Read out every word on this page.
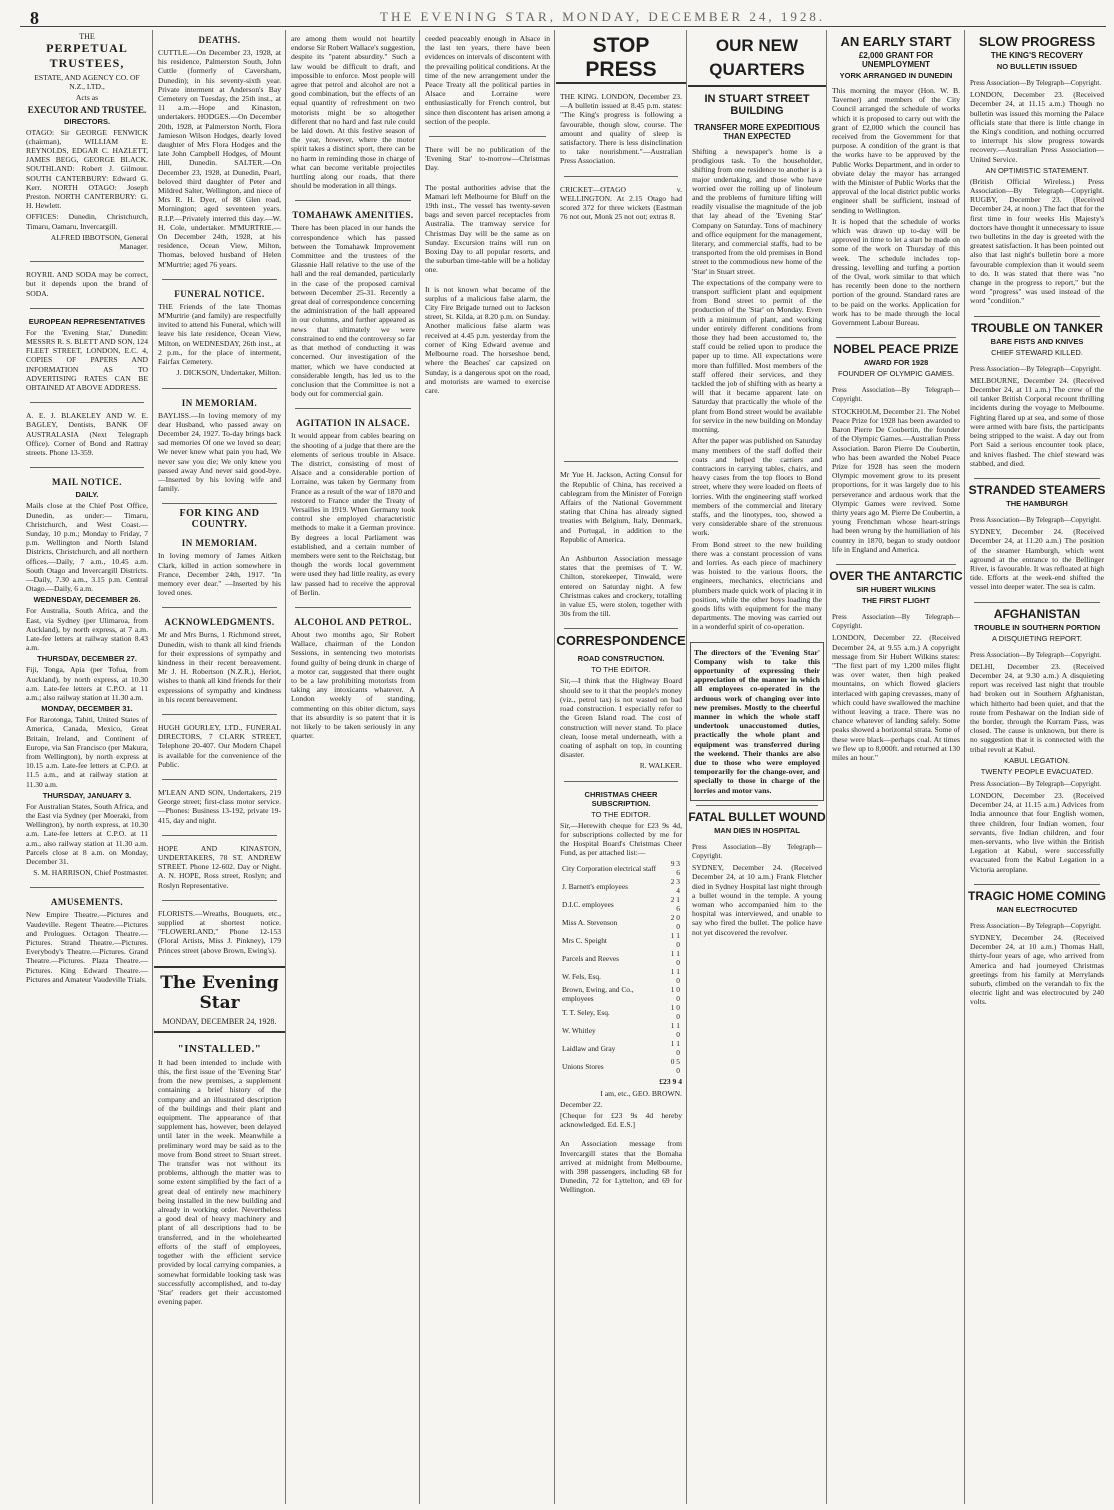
8	THE EVENING STAR, MONDAY, DECEMBER 24, 1928.
THE
PERPETUAL TRUSTEES,

ESTATE, AND AGENCY CO. OF N.Z., LTD.,

Acts as

EXECUTOR AND TRUSTEE.
DIRECTORS.

OTAGO: Sir GEORGE FENWICK (chairman), WILLIAM E. REYNOLDS, EDGAR C. HAZLETT, JAMES BEGG, GEORGE BLACK. SOUTHLAND: Robert J. Gilmour. SOUTH CANTERBURY: Edward G. Kerr. NORTH OTAGO: Joseph Preston. NORTH CANTERBURY: G. H. Hewlett.

OFFICES: Dunedin, Christchurch, Timaru, Oamaru, Invercargill.

ALFRED IBBOTSON, General Manager.

ROYRIL AND SODA may be correct, but it depends upon the brand of SODA.

EUROPEAN REPRESENTATIVES

For the 'Evening Star,' Dunedin: MESSRS R. S. BLETT AND SON, 124 FLEET STREET, LONDON, E.C. 4, COPIES OF PAPERS AND INFORMATION AS TO ADVERTISING RATES CAN BE OBTAINED AT ABOVE ADDRESS.

A. E. J. BLAKELEY AND W. E. BAGLEY, Dentists, BANK OF AUSTRALASIA (Next Telegraph Office). Corner of Bond and Rattray streets. Phone 13-359.

MAIL NOTICE.
DAILY.

Mails close at the Chief Post Office, Dunedin, as under:— Timaru, Christchurch, and West Coast.—Sunday, 10 p.m.; Monday to Friday, 7 p.m. Wellington and North Island Districts, Christchurch, and all northern offices.—Daily, 7 a.m., 10.45 a.m. South Otago and Invercargill Districts.—Daily, 7.30 a.m., 3.15 p.m. Central Otago.—Daily, 6 a.m.

WEDNESDAY, DECEMBER 26.

For Australia, South Africa, and the East, via Sydney (per Ulimaroa, from Auckland), by north express, at 7 a.m. Late-fee letters at railway station 8.43 a.m.

THURSDAY, DECEMBER 27.

Fiji, Tonga, Apia (per Tofua, from Auckland), by north express, at 10.30 a.m. Late-fee letters at C.P.O. at 11 a.m.; also railway station at 11.30 a.m.

MONDAY, DECEMBER 31.

For Rarotonga, Tahiti, United States of America, Canada, Mexico, Great Britain, Ireland, and Continent of Europe, via San Francisco (per Makura, from Wellington), by north express at 10.15 a.m. Late-fee letters at C.P.O. at 11.5 a.m., and at railway station at 11.30 a.m.

THURSDAY, JANUARY 3.

For Australian States, South Africa, and the East via Sydney (per Moeraki, from Wellington), by north express, at 10.30 a.m. Late-fee letters at C.P.O. at 11 a.m., also railway station at 11.30 a.m. Parcels close at 8 a.m. on Monday, December 31.

S. M. HARRISON, Chief Postmaster.

AMUSEMENTS.

New Empire Theatre.—Pictures and Vaudeville. Regent Theatre.—Pictures and Prologues. Octagon Theatre.—Pictures. Strand Theatre.—Pictures. Everybody's Theatre.—Pictures. Grand Theatre.—Pictures. Plaza Theatre.—Pictures. King Edward Theatre.—Pictures and Amateur Vaudeville Trials.

DEATHS.

CUTTLE.—On December 23, 1928, at his residence, Palmerston South, John Cuttle (formerly of Caversham, Dunedin); in his seventy-sixth year. Private interment at Anderson's Bay Cemetery on Tuesday, the 25th inst., at 11 a.m.—Hope and Kinaston, undertakers. HODGES.—On December 20th, 1928, at Palmerston North, Flora Jamieson Wilson Hodges, dearly loved daughter of Mrs Flora Hodges and the late John Campbell Hodges, of Mount Hill, Dunedin. SALTER.—On December 23, 1928, at Dunedin, Pearl, beloved third daughter of Peter and Mildred Salter, Wellington, and niece of Mrs R. H. Dyer, of 88 Glen road, Mornington; aged seventeen years. R.I.P.—Privately interred this day.—W. H. Cole, undertaker. M'MURTRIE.—On December 24th, 1928, at his residence, Ocean View, Milton, Thomas, beloved husband of Helen M'Murtrie; aged 76 years.

FUNERAL NOTICE.

THE Friends of the late Thomas M'Murtrie (and family) are respectfully invited to attend his Funeral, which will leave his late residence, Ocean View, Milton, on WEDNESDAY, 26th inst., at 2 p.m., for the place of interment, Fairfax Cemetery.

J. DICKSON, Undertaker, Milton.

IN MEMORIAM.

BAYLISS.—In loving memory of my dear Husband, who passed away on December 24, 1927. To-day brings back sad memories Of one we loved so dear; We never knew what pain you had, We never saw you die; We only knew you passed away And never said good-bye. —Inserted by his loving wife and family.

FOR KING AND COUNTRY.
IN MEMORIAM.

In loving memory of James Aitken Clark, killed in action somewhere in France, December 24th, 1917. "In memory ever dear." —Inserted by his loved ones.

ACKNOWLEDGMENTS.

Mr and Mrs Burns, 1 Richmond street, Dunedin, wish to thank all kind friends for their expressions of sympathy and kindness in their recent bereavement. Mr J. H. Robertson (N.Z.R.), Heriot, wishes to thank all kind friends for their expressions of sympathy and kindness in his recent bereavement.

HUGH GOURLEY, LTD., FUNERAL DIRECTORS, 7 CLARK STREET, Telephone 20-407. Our Modern Chapel is available for the convenience of the Public.

M'LEAN AND SON, Undertakers, 219 George street; first-class motor service.—Phones: Business 13-192, private 19-415, day and night.

HOPE AND KINASTON, UNDERTAKERS, 78 ST. ANDREW STREET. Phone 12-602. Day or Night. A. N. HOPE, Ross street, Roslyn; and Roslyn Representative.

FLORISTS.—Wreaths, Bouquets, etc., supplied at shortest notice. "FLOWERLAND," Phone 12-153 (Floral Artists, Miss J. Pinkney), 179 Princes street (above Brown, Ewing's).

The Evening Star
MONDAY, DECEMBER 24, 1928.
"INSTALLED."

It had been intended to include with this, the first issue of the 'Evening Star' from the new premises, a supplement containing a brief history of the company and an illustrated description of the buildings and their plant and equipment. The appearance of that supplement has, however, been delayed until later in the week. Meanwhile a preliminary word may be said as to the move from Bond street to Stuart street. The transfer was not without its problems, although the matter was to some extent simplified by the fact of a great deal of entirely new machinery being installed in the new building and already in working order. Nevertheless a good deal of heavy machinery and plant of all descriptions had to be transferred, and in the wholehearted efforts of the staff of employees, together with the efficient service provided by local carrying companies, a somewhat formidable looking task was successfully accomplished, and to-day 'Star' readers get their accustomed evening paper.

are among them would not heartily endorse Sir Robert Wallace's suggestion, despite its "patent absurdity." Such a law would be difficult to draft, and impossible to enforce. Most people will agree that petrol and alcohol are not a good combination, but the effects of an equal quantity of refreshment on two motorists might be so altogether different that no hard and fast rule could be laid down. At this festive season of the year, however, where the motor spirit takes a distinct sport, there can be no harm in reminding those in charge of what can become veritable projectiles hurtling along our roads, that there should be moderation in all things.

TOMAHAWK AMENITIES.

There has been placed in our hands the correspondence which has passed between the Tomahawk Improvement Committee and the trustees of the Glassnie Hall relative to the use of the hall and the real demanded, particularly in the case of the proposed carnival between December 25-31. Recently a great deal of correspondence concerning the administration of the hall appeared in our columns, and further appeared as news that ultimately we were constrained to end the controversy so far as that method of conducting it was concerned. Our investigation of the matter, which we have conducted at considerable length, has led us to the conclusion that the Committee is not a body out for commercial gain.

AGITATION IN ALSACE.

It would appear from cables bearing on the shooting of a judge that there are the elements of serious trouble in Alsace. The district, consisting of most of Alsace and a considerable portion of Lorraine, was taken by Germany from France as a result of the war of 1870 and restored to France under the Treaty of Versailles in 1919. When Germany took control she employed characteristic methods to make it a German province. By degrees a local Parliament was established, and a certain number of members were sent to the Reichstag, but though the words local government were used they had little reality, as every law passed had to receive the approval of Berlin.

ALCOHOL AND PETROL.

About two months ago, Sir Robert Wallace, chairman of the London Sessions, in sentencing two motorists found guilty of being drunk in charge of a motor car, suggested that there ought to be a law prohibiting motorists from taking any intoxicants whatever. A London weekly of standing, commenting on this obiter dictum, says that its absurdity is so patent that it is not likely to be taken seriously in any quarter.

ceeded peaceably enough in Alsace in the last ten years, there have been evidences on intervals of discontent with the prevailing political conditions. At the time of the new arrangement under the Peace Treaty all the political parties in Alsace and Lorraine were enthusiastically for French control, but since then discontent has arisen among a section of the people.

There will be no publication of the 'Evening Star' to-morrow—Christmas Day.

The postal authorities advise that the Mamari left Melbourne for Bluff on the 19th inst., The vessel has twenty-seven bags and seven parcel receptacles from Australia. The tramway service for Christmas Day will be the same as on Sunday. Excursion trains will run on Boxing Day to all popular resorts, and the suburban time-table will be a holiday one.

It is not known what became of the surplus of a malicious false alarm, the City Fire Brigade turned out to Jackson street, St. Kilda, at 8.20 p.m. on Sunday. Another malicious false alarm was received at 4.45 p.m. yesterday from the corner of King Edward avenue and Melbourne road. The horseshoe bend, where the Beaches' car capsized on Sunday, is a dangerous spot on the road, and motorists are warned to exercise care.

STOP PRESS

THE KING. LONDON, December 23.—A bulletin issued at 8.45 p.m. states: "The King's progress is following a favourable, though slow, course. The amount and quality of sleep is satisfactory. There is less disinclination to take nourishment."—Australian Press Association.

CRICKET—OTAGO v. WELLINGTON. At 2.15 Otago had scored 372 for three wickets (Eastman 76 not out, Monk 25 not out; extras 8.

Mr Yue H. Jackson, Acting Consul for the Republic of China, has received a cablegram from the Minister of Foreign Affairs of the National Government stating that China has already signed treaties with Belgium, Italy, Denmark, and Portugal, in addition to the Republic of America.

An Ashburton Association message states that the premises of T. W. Chilton, storekeeper, Tinwald, were entered on Saturday night. A few Christmas cakes and crockery, totalling in value £5, were stolen, together with 30s from the till.

CORRESPONDENCE
ROAD CONSTRUCTION.
TO THE EDITOR.

Sir,—I think that the Highway Board should see to it that the people's money (viz., petrol tax) is not wasted on bad road construction. I especially refer to the Green Island road. The cost of construction will never stand. To place clean, loose metal underneath, with a coating of asphalt on top, in counting disaster.

R. WALKER.

CHRISTMAS CHEER SUBSCRIPTION.
TO THE EDITOR.

Sir,—Herewith cheque for £23 9s 4d, for subscriptions collected by me for the Hospital Board's Christmas Cheer Fund, as per attached list:—

City Corporation electrical staff	9 3 6
J. Barnett's employees	2 3 4
D.I.C. employees	2 1 6
Miss A. Stevenson	2 0 0
Mrs C. Speight	1 1 0
Parcels and Reeves	1 1 0
W. Fels, Esq.	1 1 0
Brown, Ewing, and Co., employees	1 0 0
T. T. Seley, Esq.	1 0 0
W. Whitley	1 1 0
Laidlaw and Gray	1 1 0
Unions Stores	0 5 0

£23 9 4

I am, etc., GEO. BROWN.

December 22.

[Cheque for £23 9s 4d hereby acknowledged. Ed. E.S.]

An Association message from Invercargill states that the Bomaha arrived at midnight from Melbourne, with 398 passengers, including 68 for Dunedin, 72 for Lyttelton, and 69 for Wellington.

OUR NEW QUARTERS
IN STUART STREET BUILDING
TRANSFER MORE EXPEDITIOUS THAN EXPECTED

Shifting a newspaper's home is a prodigious task. To the householder, shifting from one residence to another is a major undertaking, and those who have worried over the rolling up of linoleum and the problems of furniture lifting will readily visualise the magnitude of the job that lay ahead of the 'Evening Star' Company on Saturday. Tons of machinery and office equipment for the management, literary, and commercial staffs, had to be transported from the old premises in Bond street to the commodious new home of the 'Star' in Stuart street.

The expectations of the company were to transport sufficient plant and equipment from Bond street to permit of the production of the 'Star' on Monday. Even with a minimum of plant, and working under entirely different conditions from those they had been accustomed to, the staff could be relied upon to produce the paper up to time. All expectations were more than fulfilled. Most members of the staff offered their services, and they tackled the job of shifting with as hearty a will that it became apparent late on Saturday that practically the whole of the plant from Bond street would be available for service in the new building on Monday morning.

After the paper was published on Saturday many members of the staff doffed their coats and helped the carriers and contractors in carrying tables, chairs, and heavy cases from the top floors to Bond street, where they were loaded on fleets of lorries. With the engineering staff worked members of the commercial and literary staffs, and the linotypes, too, showed a very considerable share of the strenuous work.

From Bond street to the new building there was a constant procession of vans and lorries. As each piece of machinery was hoisted to the various floors, the engineers, mechanics, electricians and plumbers made quick work of placing it in position, while the other boys loading the goods lifts with equipment for the many departments. The moving was carried out in a wonderful spirit of co-operation.

The directors of the 'Evening Star' Company wish to take this opportunity of expressing their appreciation of the manner in which all employees co-operated in the arduous work of changing over into new premises. Mostly to the cheerful manner in which the whole staff undertook unaccustomed duties, practically the whole plant and equipment was transferred during the weekend. Their thanks are also due to those who were employed temporarily for the change-over, and specially to those in charge of the lorries and motor vans.

FATAL BULLET WOUND
MAN DIES IN HOSPITAL

Press Association—By Telegraph—Copyright.

SYDNEY, December 24. (Received December 24, at 10 a.m.) Frank Fletcher died in Sydney Hospital last night through a bullet wound in the temple. A young woman who accompanied him to the hospital was interviewed, and unable to say who fired the bullet. The police have not yet discovered the revolver.

AN EARLY START
£2,000 GRANT FOR UNEMPLOYMENT
YORK ARRANGED IN DUNEDIN

This morning the mayor (Hon. W. B. Taverner) and members of the City Council arranged the schedule of works which it is proposed to carry out with the grant of £2,000 which the council has received from the Government for that purpose. A condition of the grant is that the works have to be approved by the Public Works Department, and in order to obviate delay the mayor has arranged with the Minister of Public Works that the approval of the local district public works engineer shall be sufficient, instead of sending to Wellington.

It is hoped that the schedule of works which was drawn up to-day will be approved in time to let a start be made on some of the work on Thursday of this week. The schedule includes top-dressing, levelling and turfing a portion of the Oval, work similar to that which has recently been done to the northern portion of the ground. Standard rates are to be paid on the works. Application for work has to be made through the local Government Labour Bureau.

NOBEL PEACE PRIZE
AWARD FOR 1928
FOUNDER OF OLYMPIC GAMES.

Press Association—By Telegraph—Copyright.

STOCKHOLM, December 21. The Nobel Peace Prize for 1928 has been awarded to Baron Pierre De Coubertin, the founder of the Olympic Games.—Australian Press Association. Baron Pierre De Coubertin, who has been awarded the Nobel Peace Prize for 1928 has seen the modern Olympic movement grow to its present proportions, for it was largely due to his perseverance and arduous work that the Olympic Games were revived. Some thirty years ago M. Pierre De Coubertin, a young Frenchman whose heart-strings had been wrung by the humiliation of his country in 1870, began to study outdoor life in England and America.

OVER THE ANTARCTIC
SIR HUBERT WILKINS
THE FIRST FLIGHT

Press Association—By Telegraph—Copyright.

LONDON, December 22. (Received December 24, at 9.55 a.m.) A copyright message from Sir Hubert Wilkins states: "The first part of my 1,200 miles flight was over water, then high peaked mountains, on which flowed glaciers interlaced with gaping crevasses, many of which could have swallowed the machine without leaving a trace. There was no chance whatever of landing safely. Some peaks showed a horizontal strata. Some of these were black—perhaps coal. At times we flew up to 8,000ft. and returned at 130 miles an hour."

SLOW PROGRESS
THE KING'S RECOVERY
NO BULLETIN ISSUED

Press Association—By Telegraph—Copyright.

LONDON, December 23. (Received December 24, at 11.15 a.m.) Though no bulletin was issued this morning the Palace officials state that there is little change in the King's condition, and nothing occurred to interrupt his slow progress towards recovery.—Australian Press Association—United Service.

AN OPTIMISTIC STATEMENT.

(British Official Wireless.) Press Association—By Telegraph—Copyright. RUGBY, December 23. (Received December 24, at noon.) The fact that for the first time in four weeks His Majesty's doctors have thought it unnecessary to issue two bulletins in the day is greeted with the greatest satisfaction. It has been pointed out also that last night's bulletin bore a more favourable complexion than it would seem to do. It was stated that there was "no change in the progress to report," but the word "progress" was used instead of the word "condition."

TROUBLE ON TANKER
BARE FISTS AND KNIVES
CHIEF STEWARD KILLED.

Press Association—By Telegraph—Copyright.

MELBOURNE, December 24. (Received December 24, at 11 a.m.) The crew of the oil tanker British Corporal recount thrilling incidents during the voyage to Melbourne. Fighting flared up at sea, and some of those were armed with bare fists, the participants being stripped to the waist. A day out from Port Said a serious encounter took place, and knives flashed. The chief steward was stabbed, and died.

STRANDED STEAMERS
THE HAMBURGH

Press Association—By Telegraph—Copyright.

SYDNEY, December 24. (Received December 24, at 11.20 a.m.) The position of the steamer Hamburgh, which went aground at the entrance to the Bellinger River, is favourable. It was refloated at high tide. Efforts at the week-end shifted the vessel into deeper water. The sea is calm.

AFGHANISTAN
TROUBLE IN SOUTHERN PORTION
A DISQUIETING REPORT.

Press Association—By Telegraph—Copyright.

DELHI, December 23. (Received December 24, at 9.30 a.m.) A disquieting report was received last night that trouble had broken out in Southern Afghanistan, which hitherto had been quiet, and that the route from Peshawar on the Indian side of the border, through the Kurram Pass, was closed. The cause is unknown, but there is no suggestion that it is connected with the tribal revolt at Kabul.

KABUL LEGATION.
TWENTY PEOPLE EVACUATED.

Press Association—By Telegraph—Copyright.

LONDON, December 23. (Received December 24, at 11.15 a.m.) Advices from India announce that four English women, three children, four Indian women, four servants, five Indian children, and four men-servants, who live within the British Legation at Kabul, were successfully evacuated from the Kabul Legation in a Victoria aeroplane.

TRAGIC HOME COMING
MAN ELECTROCUTED

Press Association—By Telegraph—Copyright.

SYDNEY, December 24. (Received December 24, at 10 a.m.) Thomas Hall, thirty-four years of age, who arrived from America and had journeyed Christmas greetings from his family at Merrylands suburb, climbed on the verandah to fix the electric light and was electrocuted by 240 volts.
